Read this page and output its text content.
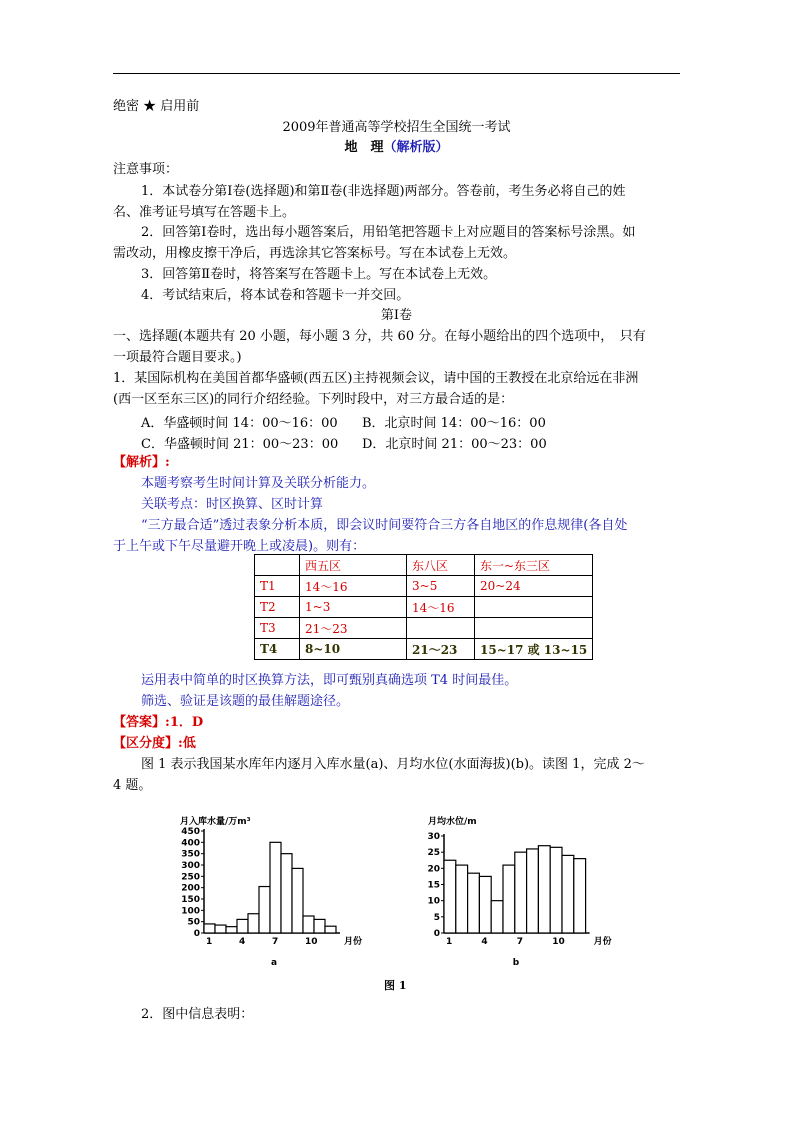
绝密 ★ 启用前
2009年普通高等学校招生全国统一考试
地　理（解析版）
注意事项：
1．本试卷分第Ⅰ卷(选择题)和第Ⅱ卷(非选择题)两部分。答卷前，考生务必将自己的姓
名、准考证号填写在答题卡上。
2．回答第Ⅰ卷时，选出每小题答案后，用铅笔把答题卡上对应题目的答案标号涂黑。如
需改动，用橡皮擦干净后，再选涂其它答案标号。写在本试卷上无效。
3．回答第Ⅱ卷时，将答案写在答题卡上。写在本试卷上无效。
4．考试结束后，将本试卷和答题卡一并交回。
第Ⅰ卷
一、选择题(本题共有 20 小题，每小题 3 分，共 60 分。在每小题给出的四个选项中，　只有
一项最符合题目要求。)
1．某国际机构在美国首都华盛顿(西五区)主持视频会议，请中国的王教授在北京给远在非洲
(西一区至东三区)的同行介绍经验。下列时段中，对三方最合适的是：
A．华盛顿时间 14：00～16：00 B．北京时间 14：00～16：00
C．华盛顿时间 21：00～23：00 D．北京时间 21：00～23：00
【解析】:
本题考察考生时间计算及关联分析能力。
关联考点：时区换算、区时计算
“三方最合适”透过表象分析本质，即会议时间要符合三方各自地区的作息规律(各自处
于上午或下午尽量避开晚上或凌晨)。则有：
	西五区	东八区	东一~东三区
T1	14～16	3~5	20~24
T2	1~3	14～16	
T3	21～23		
T4	8~10	21～23	15~17 或 13~15
运用表中简单的时区换算方法，即可甄别真确选项 T4 时间最佳。
筛选、验证是该题的最佳解题途径。
【答案】:1．D
【区分度】:低
图 1 表示我国某水库年内逐月入库水量(a)、月均水位(水面海拔)(b)。读图 1，完成 2～
4 题。
月入库水量/万m³
0
50
100
150
200
250
300
350
400
450
1	4	7	10	月份
a
月均水位/m
0
5
10
15
20
25
30
1	4	7	10	月份
b
图 1
2．图中信息表明：
